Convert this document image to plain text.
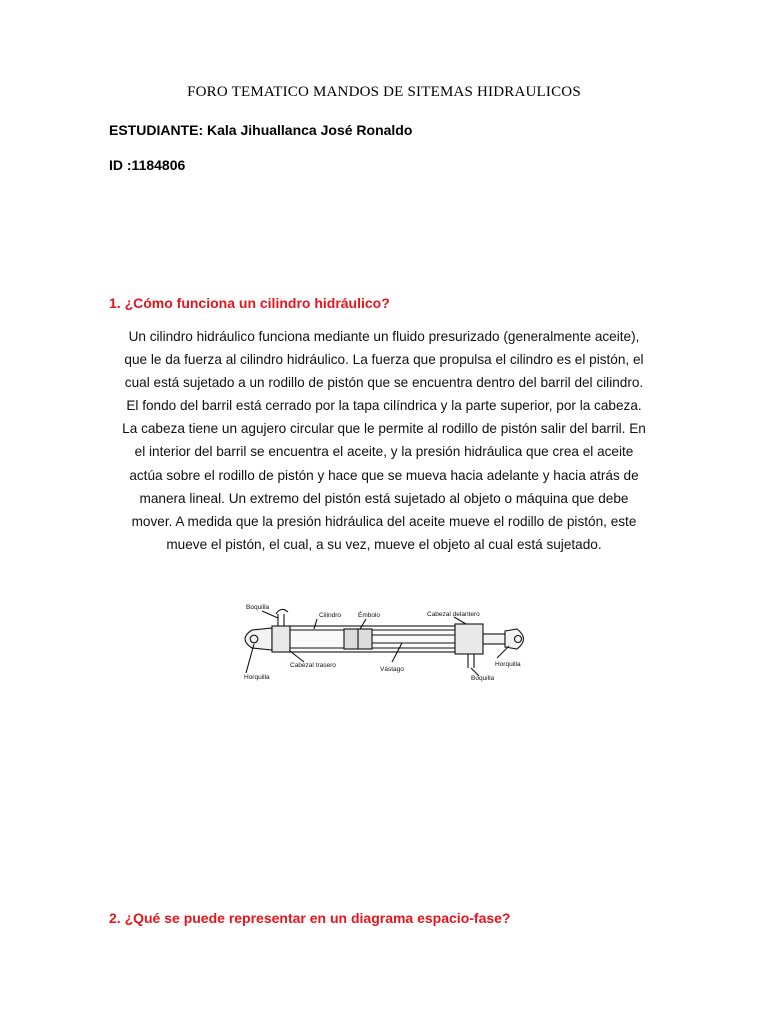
FORO TEMATICO MANDOS DE SITEMAS HIDRAULICOS
ESTUDIANTE: Kala Jihuallanca José Ronaldo
ID :1184806
1. ¿Cómo funciona un cilindro hidráulico?

Un cilindro hidráulico funciona mediante un fluido presurizado (generalmente aceite),

que le da fuerza al cilindro hidráulico. La fuerza que propulsa el cilindro es el pistón, el

cual está sujetado a un rodillo de pistón que se encuentra dentro del barril del cilindro.

El fondo del barril está cerrado por la tapa cilíndrica y la parte superior, por la cabeza.

La cabeza tiene un agujero circular que le permite al rodillo de pistón salir del barril. En

el interior del barril se encuentra el aceite, y la presión hidráulica que crea el aceite

actúa sobre el rodillo de pistón y hace que se mueva hacia adelante y hacia atrás de

manera lineal. Un extremo del pistón está sujetado al objeto o máquina que debe

mover. A medida que la presión hidráulica del aceite mueve el rodillo de pistón, este

mueve el pistón, el cual, a su vez, mueve el objeto al cual está sujetado.

Boquilla
Cilindro	Émbolo	Cabezal delantero
Horquilla
Boquilla
Vástago
Cabezal trasero
Horquilla
2. ¿Qué se puede representar en un diagrama espacio-fase?
